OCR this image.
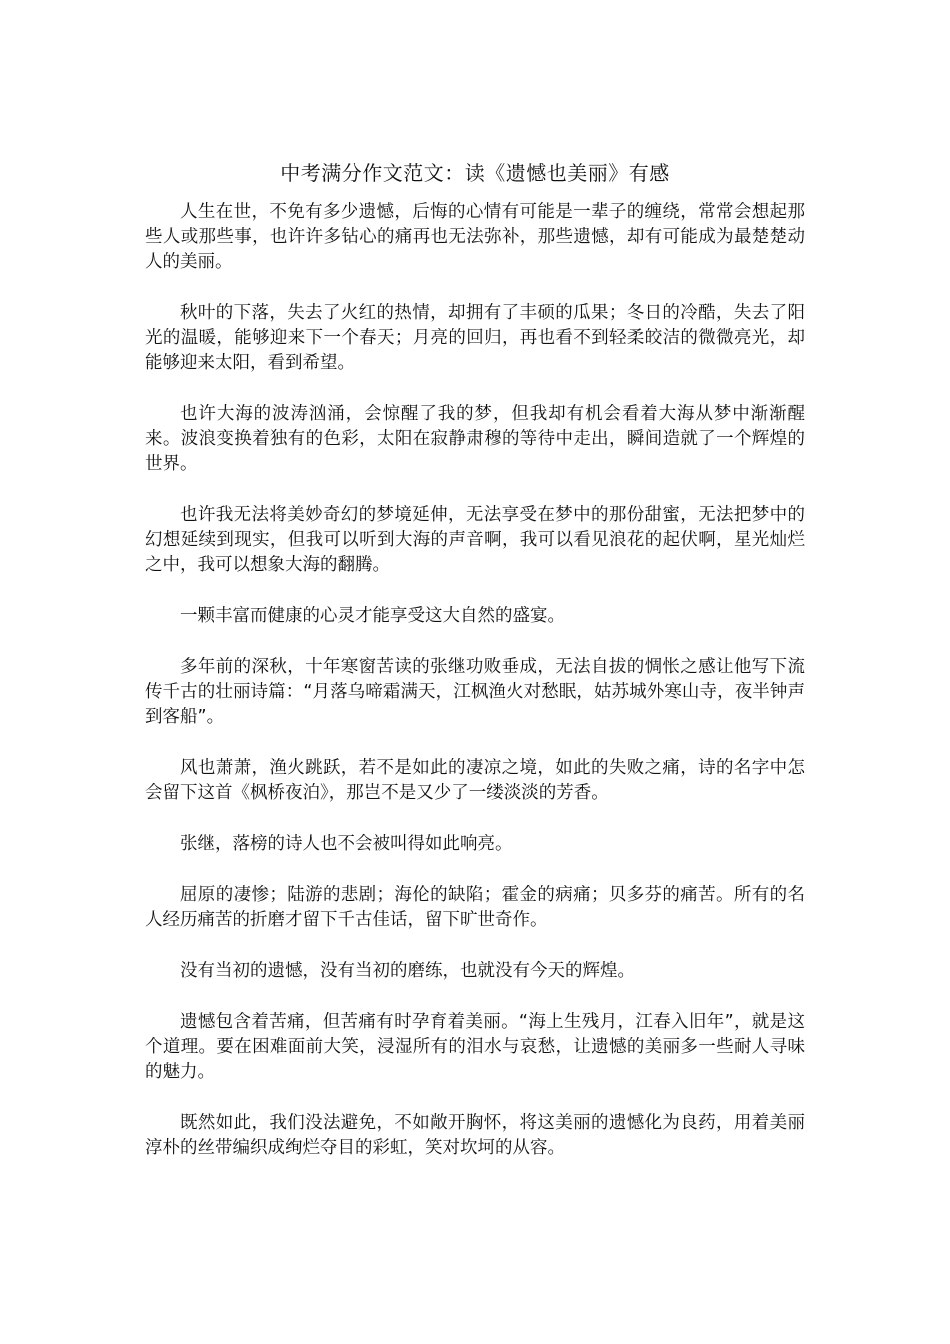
中考满分作文范文：读《遗憾也美丽》有感

人生在世，不免有多少遗憾，后悔的心情有可能是一辈子的缠绕，常常会想起那些人或那些事，也许许多钻心的痛再也无法弥补，那些遗憾，却有可能成为最楚楚动人的美丽。

秋叶的下落，失去了火红的热情，却拥有了丰硕的瓜果；冬日的冷酷，失去了阳光的温暖，能够迎来下一个春天；月亮的回归，再也看不到轻柔皎洁的微微亮光，却能够迎来太阳，看到希望。

也许大海的波涛汹涌，会惊醒了我的梦，但我却有机会看着大海从梦中渐渐醒来。波浪变换着独有的色彩，太阳在寂静肃穆的等待中走出，瞬间造就了一个辉煌的世界。

也许我无法将美妙奇幻的梦境延伸，无法享受在梦中的那份甜蜜，无法把梦中的幻想延续到现实，但我可以听到大海的声音啊，我可以看见浪花的起伏啊，星光灿烂之中，我可以想象大海的翻腾。

一颗丰富而健康的心灵才能享受这大自然的盛宴。

多年前的深秋，十年寒窗苦读的张继功败垂成，无法自拔的惆怅之感让他写下流传千古的壮丽诗篇：“月落乌啼霜满天，江枫渔火对愁眠，姑苏城外寒山寺，夜半钟声到客船”。

风也萧萧，渔火跳跃，若不是如此的凄凉之境，如此的失败之痛，诗的名字中怎会留下这首《枫桥夜泊》，那岂不是又少了一缕淡淡的芳香。

张继，落榜的诗人也不会被叫得如此响亮。

屈原的凄惨；陆游的悲剧；海伦的缺陷；霍金的病痛；贝多芬的痛苦。所有的名人经历痛苦的折磨才留下千古佳话，留下旷世奇作。

没有当初的遗憾，没有当初的磨练，也就没有今天的辉煌。

遗憾包含着苦痛，但苦痛有时孕育着美丽。“海上生残月，江春入旧年”，就是这个道理。要在困难面前大笑，浸湿所有的泪水与哀愁，让遗憾的美丽多一些耐人寻味的魅力。

既然如此，我们没法避免，不如敞开胸怀，将这美丽的遗憾化为良药，用着美丽淳朴的丝带编织成绚烂夺目的彩虹，笑对坎坷的从容。
